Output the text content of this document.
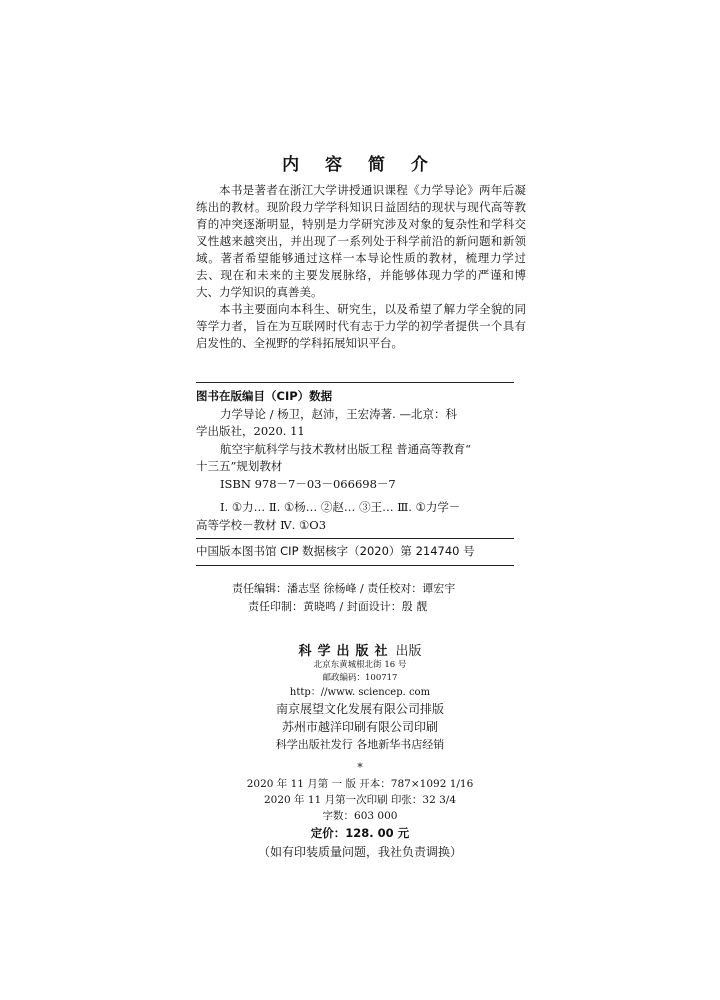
内 容 简 介

本书是著者在浙江大学讲授通识课程《力学导论》两年后凝练出的教材。现阶段力学学科知识日益固结的现状与现代高等教育的冲突逐渐明显，特别是力学研究涉及对象的复杂性和学科交叉性越来越突出，并出现了一系列处于科学前沿的新问题和新领域。著者希望能够通过这样一本导论性质的教材，梳理力学过去、现在和未来的主要发展脉络，并能够体现力学的严谨和博大、力学知识的真善美。

本书主要面向本科生、研究生，以及希望了解力学全貌的同等学力者，旨在为互联网时代有志于力学的初学者提供一个具有启发性的、全视野的学科拓展知识平台。

图书在版编目（CIP）数据
力学导论 / 杨卫，赵沛，王宏涛著. —北京：科
学出版社，2020. 11
航空宇航科学与技术教材出版工程 普通高等教育“
十三五”规划教材
ISBN 978－7－03－066698－7
Ⅰ. ①力… Ⅱ. ①杨… ②赵… ③王… Ⅲ. ①力学－
高等学校－教材 Ⅳ. ①O3
中国版本图书馆 CIP 数据核字（2020）第 214740 号
责任编辑：潘志坚 徐杨峰 / 责任校对：谭宏宇
责任印制：黄晓鸣 / 封面设计：殷 靓
科学出版社 出版
北京东黄城根北街 16 号
邮政编码：100717
http：//www. sciencep. com
南京展望文化发展有限公司排版
苏州市越洋印刷有限公司印刷
科学出版社发行 各地新华书店经销
*
2020 年 11 月第 一 版 开本：787×1092 1/16
2020 年 11 月第一次印刷 印张：32 3/4
字数：603 000
定价：128. 00 元
（如有印装质量问题，我社负责调换）
